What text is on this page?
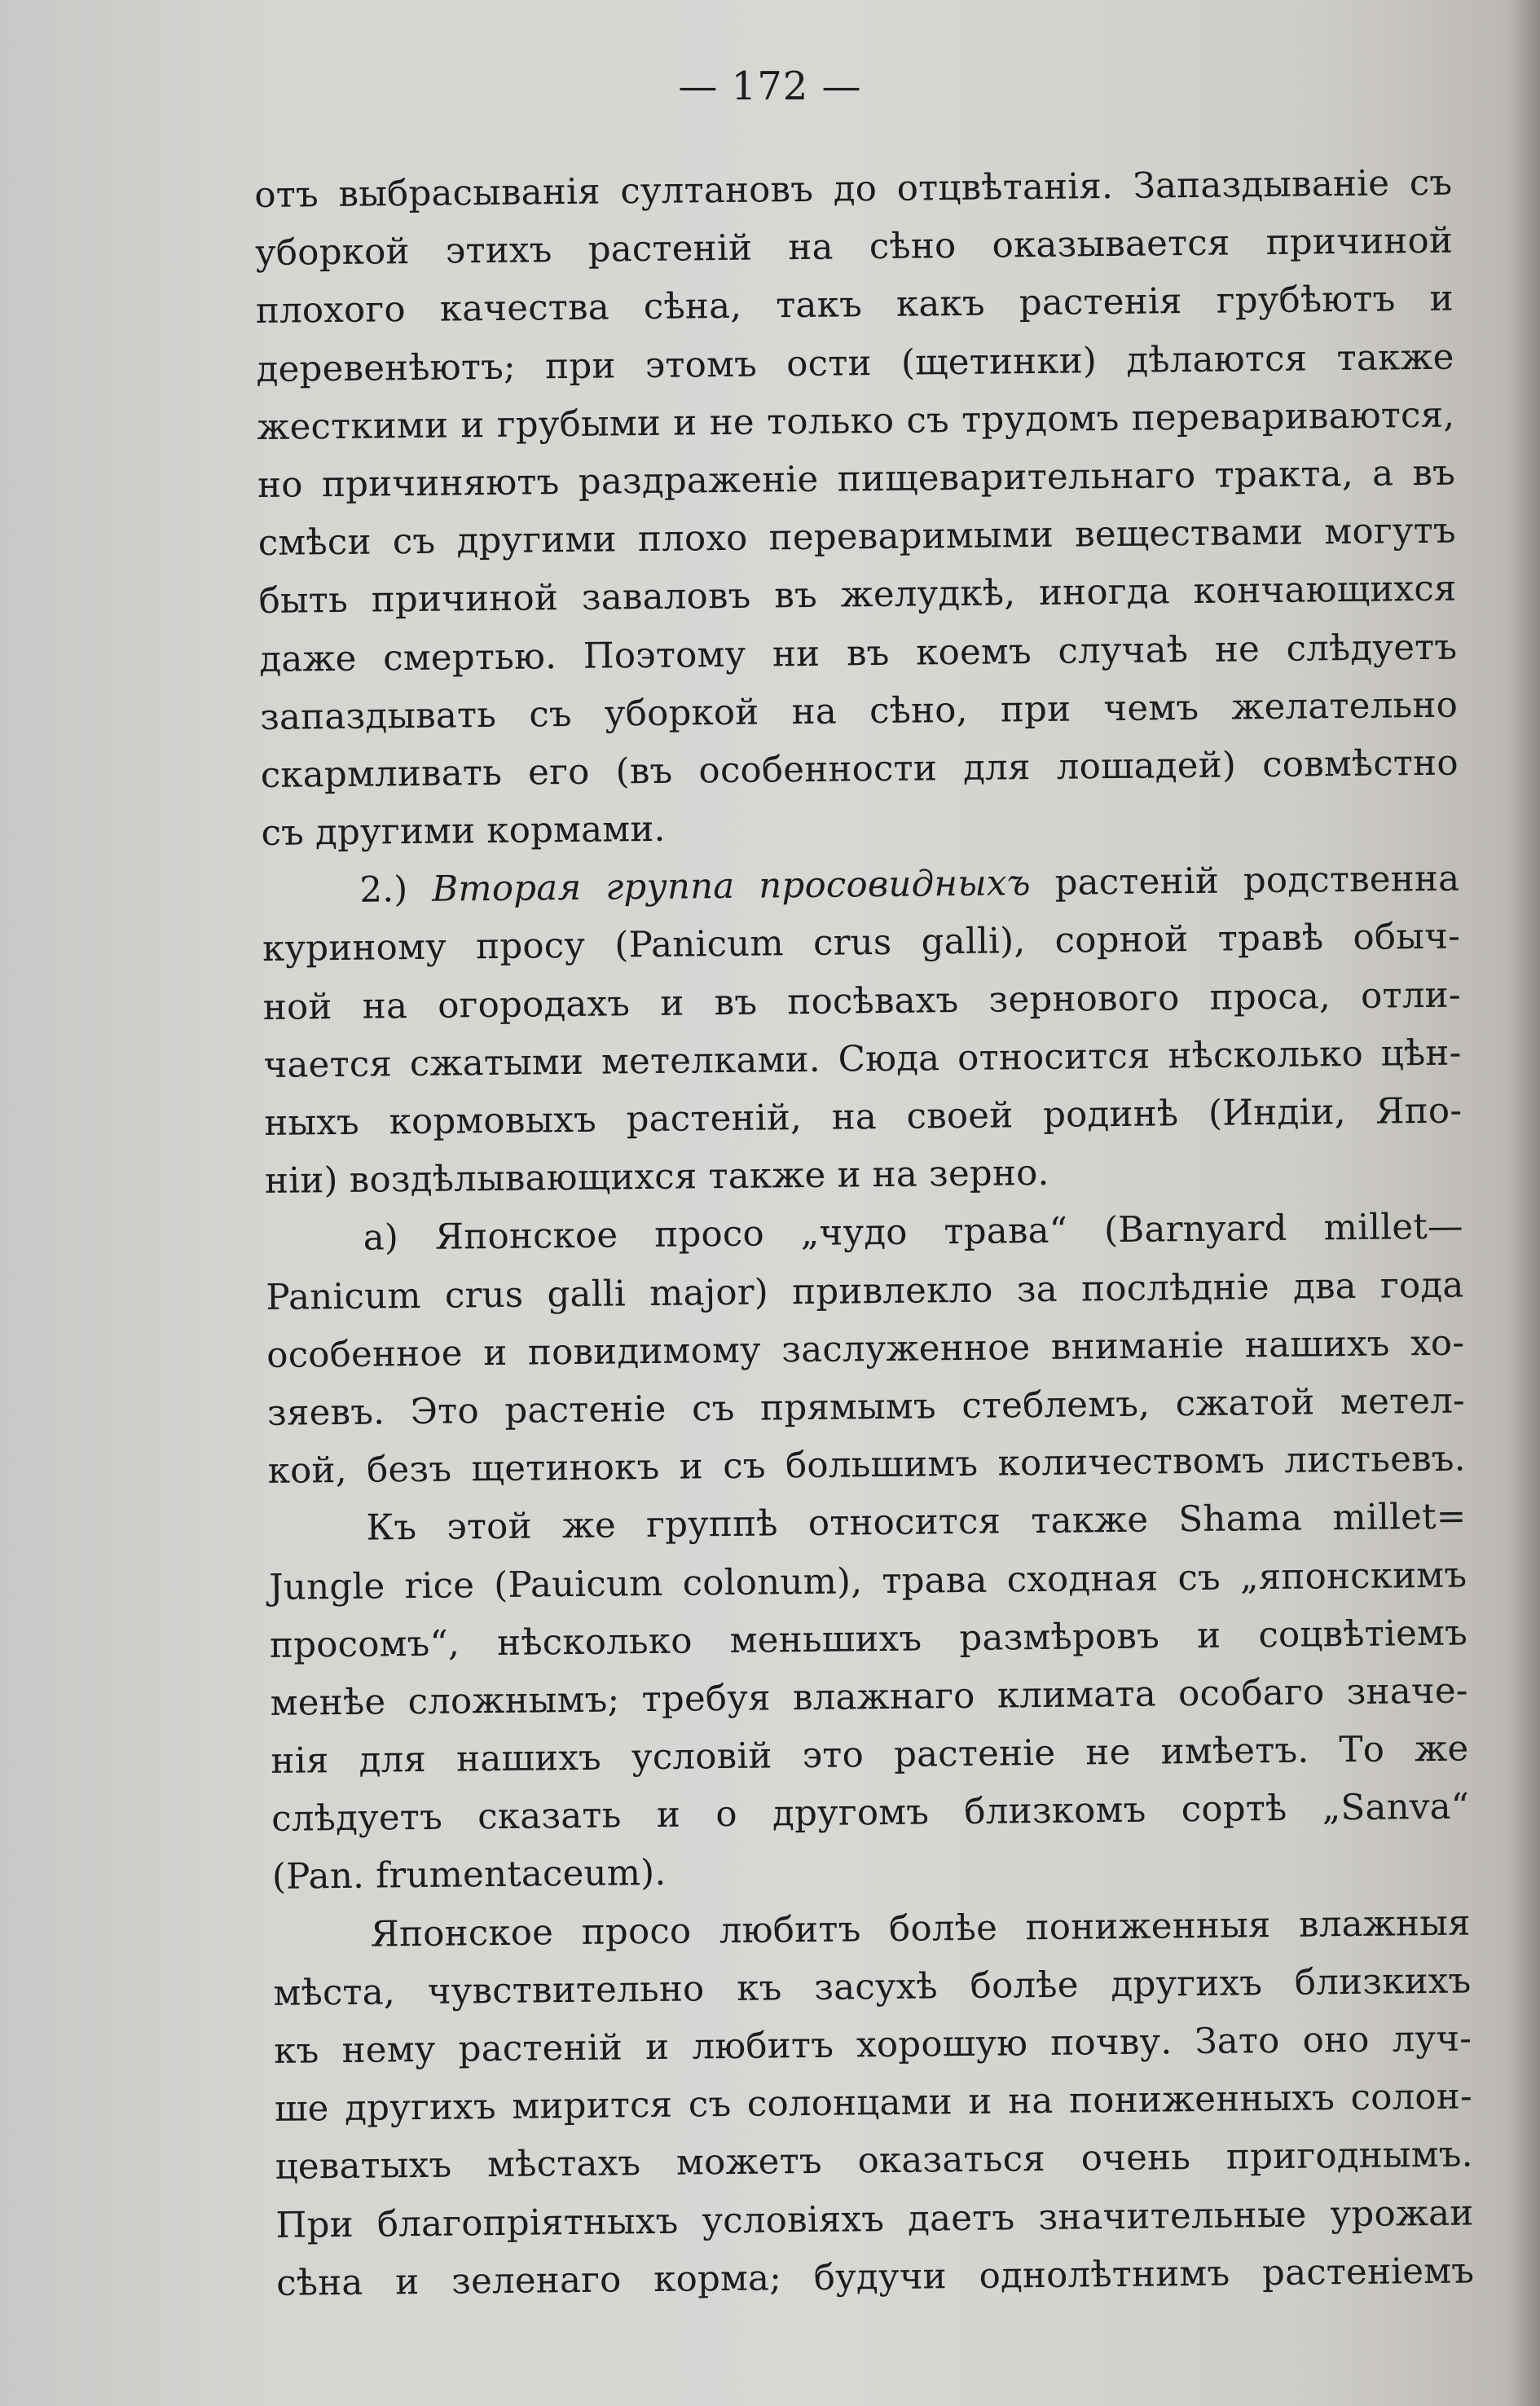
— 172 —
отъ выбрасыванія султановъ до отцвѣтанія. Запаздываніе съ
уборкой этихъ растеній на сѣно оказывается причиной
плохого качества сѣна, такъ какъ растенія грубѣютъ и
деревенѣютъ; при этомъ ости (щетинки) дѣлаются также
жесткими и грубыми и не только съ трудомъ перевариваются,
но причиняютъ раздраженіе пищеварительнаго тракта, а въ
смѣси съ другими плохо переваримыми веществами могутъ
быть причиной заваловъ въ желудкѣ, иногда кончающихся
даже смертью. Поэтому ни въ коемъ случаѣ не слѣдуетъ
запаздывать съ уборкой на сѣно, при чемъ желательно
скармливать его (въ особенности для лошадей) совмѣстно
съ другими кормами.
2.) Вторая группа просовидныхъ растеній родственна
куриному просу (Panicum crus galli), сорной травѣ обыч-
ной на огородахъ и въ посѣвахъ зернового проса, отли-
чается сжатыми метелками. Сюда относится нѣсколько цѣн-
ныхъ кормовыхъ растеній, на своей родинѣ (Индіи, Япо-
ніи) воздѣлывающихся также и на зерно.
а) Японское просо „чудо трава“ (Barnyard millet—
Panicum crus galli major) привлекло за послѣдніе два года
особенное и повидимому заслуженное вниманіе нашихъ хо-
зяевъ. Это растеніе съ прямымъ стеблемъ, сжатой метел-
кой, безъ щетинокъ и съ большимъ количествомъ листьевъ.
Къ этой же группѣ относится также Shama millet=
Jungle rice (Pauicum colonum), трава сходная съ „японскимъ
просомъ“, нѣсколько меньшихъ размѣровъ и соцвѣтіемъ
менѣе сложнымъ; требуя влажнаго климата особаго значе-
нія для нашихъ условій это растеніе не имѣетъ. То же
слѣдуетъ сказать и о другомъ близкомъ сортѣ „Sanva“
(Pan. frumentaceum).
Японское просо любитъ болѣе пониженныя влажныя
мѣста, чувствительно къ засухѣ болѣе другихъ близкихъ
къ нему растеній и любитъ хорошую почву. Зато оно луч-
ше другихъ мирится съ солонцами и на пониженныхъ солон-
цеватыхъ мѣстахъ можетъ оказаться очень пригоднымъ.
При благопріятныхъ условіяхъ даетъ значительные урожаи
сѣна и зеленаго корма; будучи однолѣтнимъ растеніемъ
